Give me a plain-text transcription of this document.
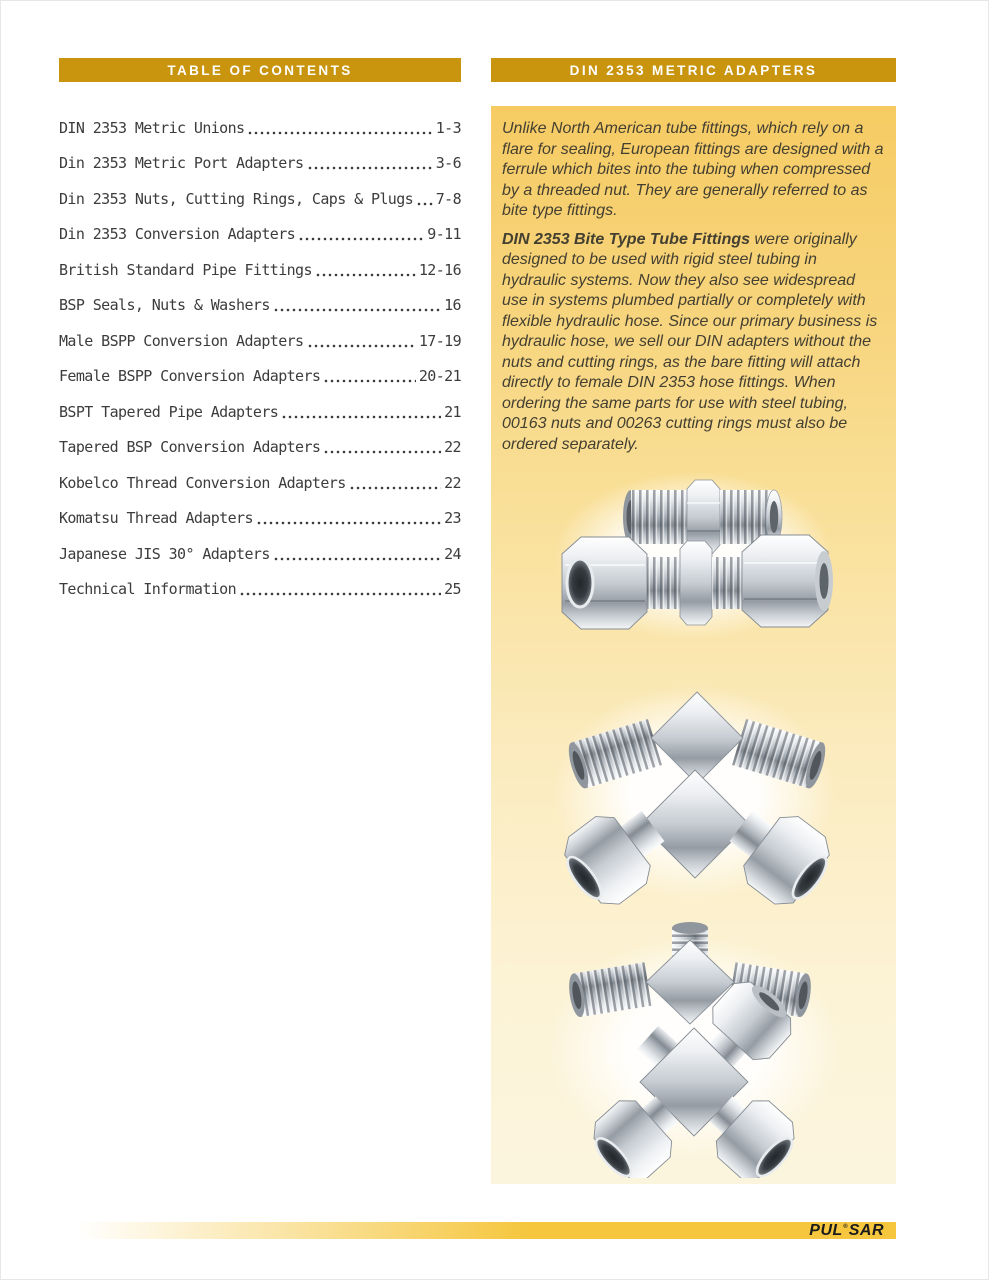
TABLE OF CONTENTS
DIN 2353 Metric Unions	1-3
Din 2353 Metric Port Adapters	3-6
Din 2353 Nuts, Cutting Rings, Caps & Plugs 7-8
Din 2353 Conversion Adapters	9-11
British Standard Pipe Fittings	12-16
BSP Seals, Nuts & Washers	16
Male BSPP Conversion Adapters	17-19
Female BSPP Conversion Adapters	20-21
BSPT Tapered Pipe Adapters	21
Tapered BSP Conversion Adapters	22
Kobelco Thread Conversion Adapters	22
Komatsu Thread Adapters	23
Japanese JIS 30° Adapters	24
Technical Information	25
DIN 2353 METRIC ADAPTERS

Unlike North American tube fittings, which rely on a flare for sealing, European fittings are designed with a ferrule which bites into the tubing when compressed by a threaded nut. They are generally referred to as bite type fittings.

DIN 2353 Bite Type Tube Fittings were originally designed to be used with rigid steel tubing in hydraulic systems. Now they also see widespread use in systems plumbed partially or completely with flexible hydraulic hose. Since our primary business is hydraulic hose, we sell our DIN adapters without the nuts and cutting rings, as the bare fitting will attach directly to female DIN 2353 hose fittings. When ordering the same parts for use with steel tubing, 00163 nuts and 00263 cutting rings must also be ordered separately.

PUL ® SAR
